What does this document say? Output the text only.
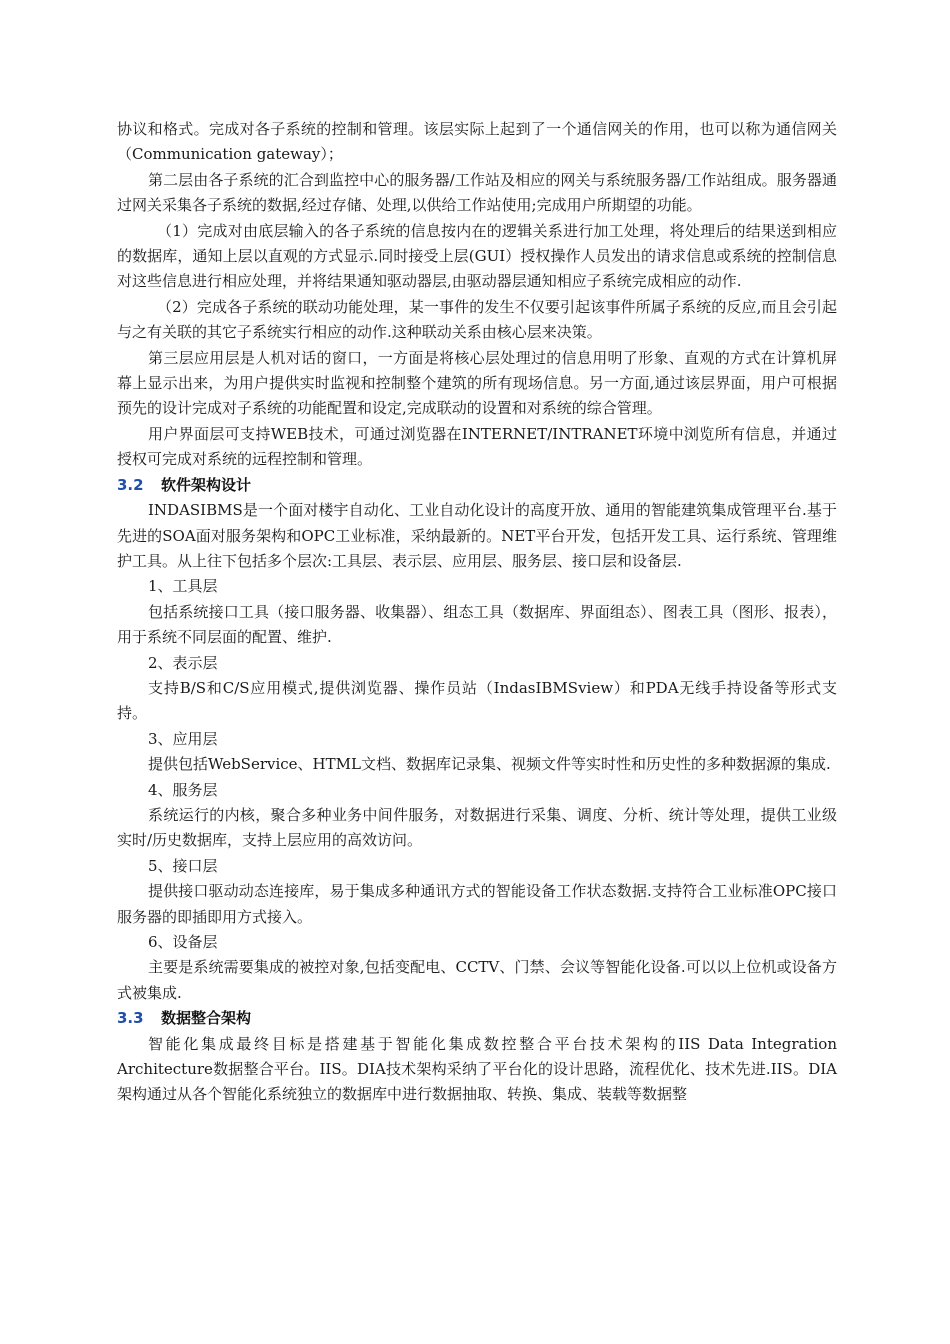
协议和格式。完成对各子系统的控制和管理。该层实际上起到了一个通信网关的作用，也可以称为通信网关（Communication gateway）；

第二层由各子系统的汇合到监控中心的服务器/工作站及相应的网关与系统服务器/工作站组成。服务器通过网关采集各子系统的数据,经过存储、处理,以供给工作站使用;完成用户所期望的功能。

（1）完成对由底层输入的各子系统的信息按内在的逻辑关系进行加工处理，将处理后的结果送到相应的数据库，通知上层以直观的方式显示.同时接受上层(GUI）授权操作人员发出的请求信息或系统的控制信息对这些信息进行相应处理，并将结果通知驱动器层,由驱动器层通知相应子系统完成相应的动作.

（2）完成各子系统的联动功能处理，某一事件的发生不仅要引起该事件所属子系统的反应,而且会引起与之有关联的其它子系统实行相应的动作.这种联动关系由核心层来决策。

第三层应用层是人机对话的窗口，一方面是将核心层处理过的信息用明了形象、直观的方式在计算机屏幕上显示出来，为用户提供实时监视和控制整个建筑的所有现场信息。另一方面,通过该层界面，用户可根据预先的设计完成对子系统的功能配置和设定,完成联动的设置和对系统的综合管理。

用户界面层可支持WEB技术，可通过浏览器在INTERNET/INTRANET环境中浏览所有信息，并通过授权可完成对系统的远程控制和管理。

3.2 软件架构设计

INDASIBMS是一个面对楼宇自动化、工业自动化设计的高度开放、通用的智能建筑集成管理平台.基于先进的SOA面对服务架构和OPC工业标准，采纳最新的。NET平台开发，包括开发工具、运行系统、管理维护工具。从上往下包括多个层次:工具层、表示层、应用层、服务层、接口层和设备层.

1、工具层

包括系统接口工具（接口服务器、收集器）、组态工具（数据库、界面组态）、图表工具（图形、报表），用于系统不同层面的配置、维护.

2、表示层

支持B/S和C/S应用模式,提供浏览器、操作员站（IndasIBMSview）和PDA无线手持设备等形式支持。

3、应用层

提供包括WebService、HTML文档、数据库记录集、视频文件等实时性和历史性的多种数据源的集成.

4、服务层

系统运行的内核，聚合多种业务中间件服务，对数据进行采集、调度、分析、统计等处理，提供工业级实时/历史数据库，支持上层应用的高效访问。

5、接口层

提供接口驱动动态连接库，易于集成多种通讯方式的智能设备工作状态数据.支持符合工业标准OPC接口服务器的即插即用方式接入。

6、设备层

主要是系统需要集成的被控对象,包括变配电、CCTV、门禁、会议等智能化设备.可以以上位机或设备方式被集成.

3.3 数据整合架构

智能化集成最终目标是搭建基于智能化集成数控整合平台技术架构的IIS Data Integration Architecture数据整合平台。IIS。DIA技术架构采纳了平台化的设计思路，流程优化、技术先进.IIS。DIA架构通过从各个智能化系统独立的数据库中进行数据抽取、转换、集成、装载等数据整
